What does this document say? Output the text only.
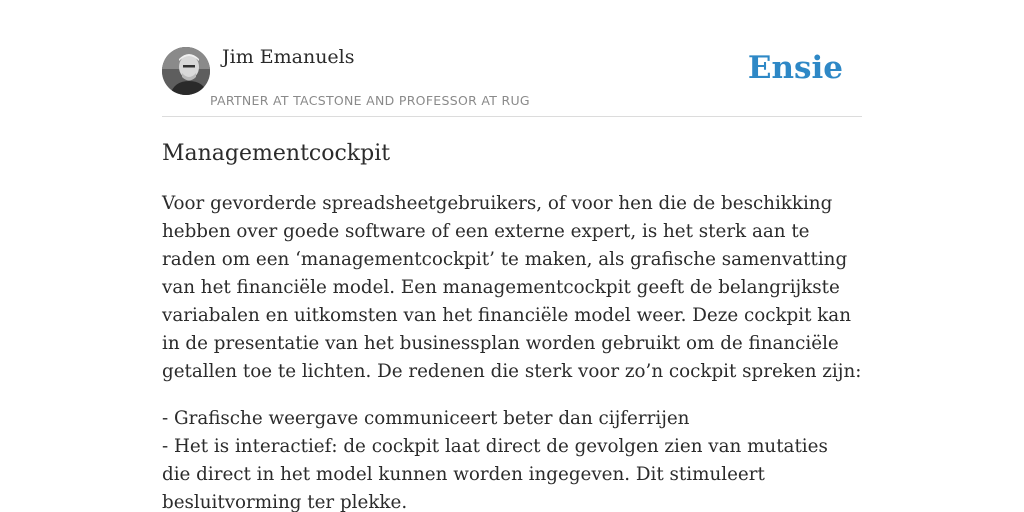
Jim Emanuels
PARTNER AT TACSTONE AND PROFESSOR AT RUG
Ensie
Managementcockpit

Voor gevorderde spreadsheetgebruikers, of voor hen die de beschikking hebben over goede software of een externe expert, is het sterk aan te raden om een ‘managementcockpit’ te maken, als grafische samenvatting van het financiële model. Een managementcockpit geeft de belangrijkste variabalen en uitkomsten van het financiële model weer. Deze cockpit kan in de presentatie van het businessplan worden gebruikt om de financiële getallen toe te lichten. De redenen die sterk voor zo’n cockpit spreken zijn:

- Grafische weergave communiceert beter dan cijferrijen
- Het is interactief: de cockpit laat direct de gevolgen zien van mutaties die direct in het model kunnen worden ingegeven. Dit stimuleert besluitvorming ter plekke.
